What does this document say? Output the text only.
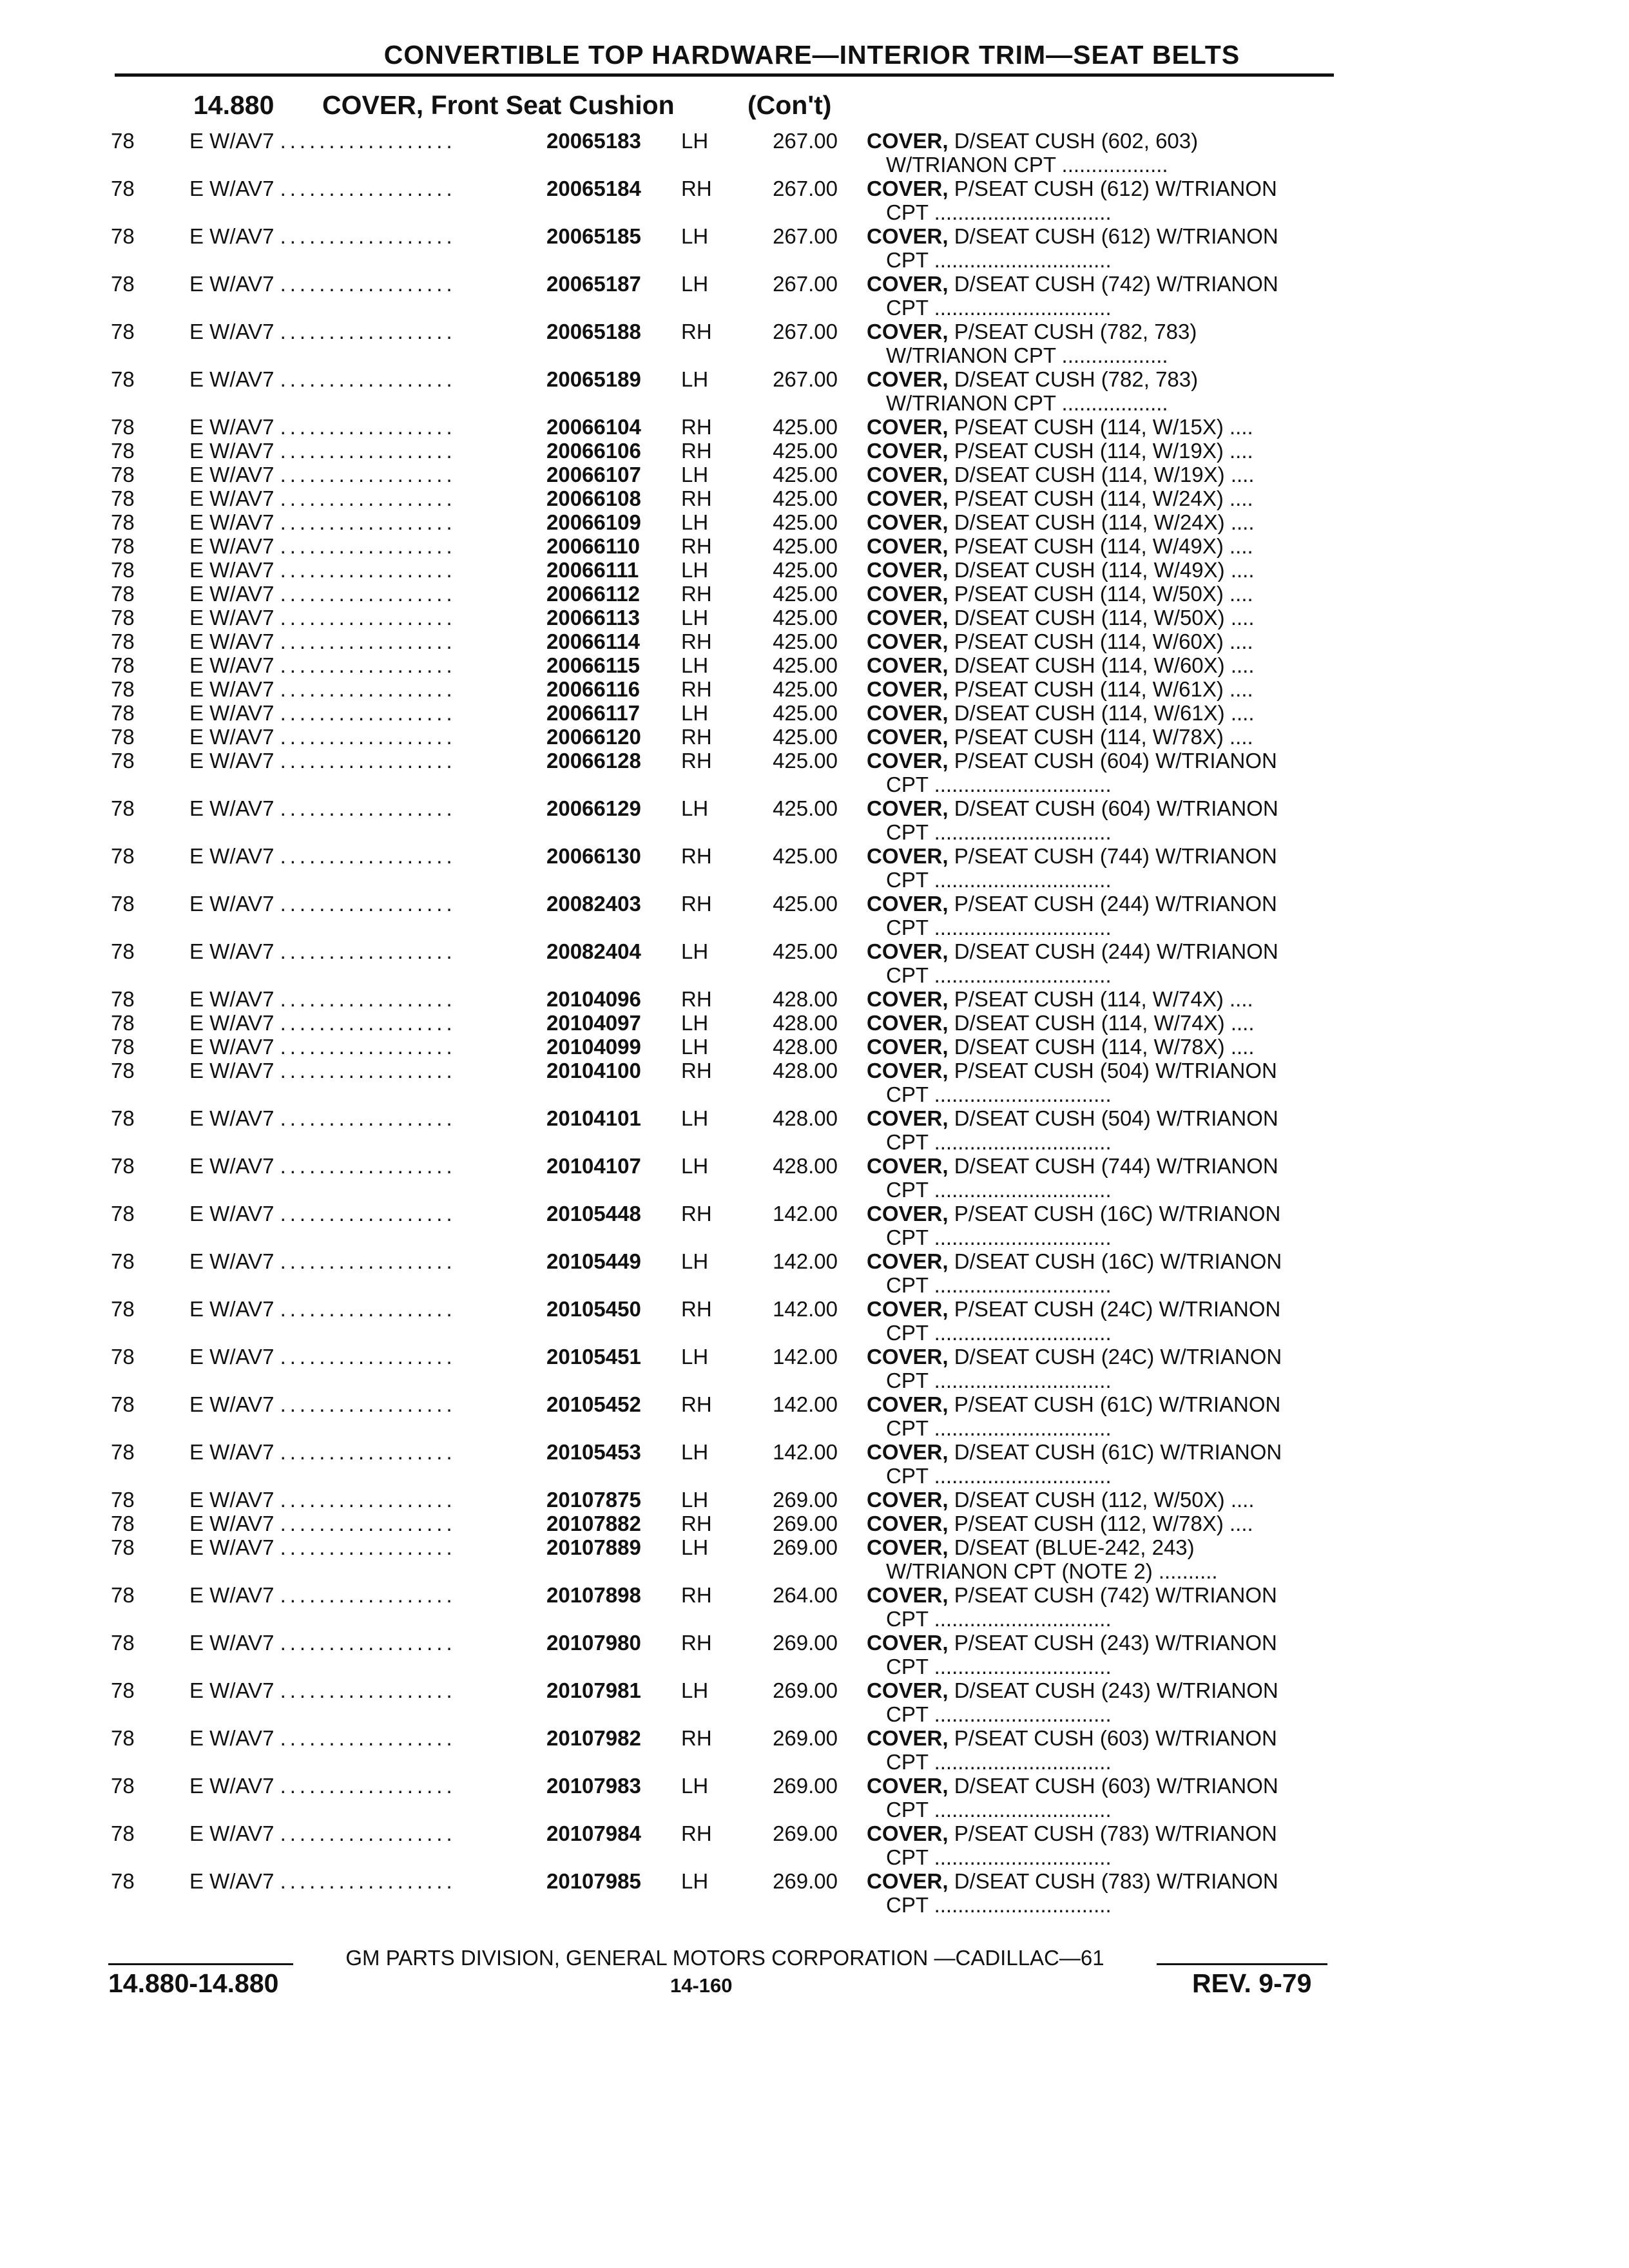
CONVERTIBLE TOP HARDWARE—INTERIOR TRIM—SEAT BELTS
14.880 COVER, Front Seat Cushion	(Con't)
78	E W/AV7 ..................	20065183 LH	267.00 COVER, D/SEAT CUSH (602, 603)
W/TRIANON CPT ..................
78	E W/AV7 ..................	20065184 RH	267.00 COVER, P/SEAT CUSH (612) W/TRIANON
CPT ..............................
78	E W/AV7 ..................	20065185 LH	267.00 COVER, D/SEAT CUSH (612) W/TRIANON
CPT ..............................
78	E W/AV7 ..................	20065187 LH	267.00 COVER, D/SEAT CUSH (742) W/TRIANON
CPT ..............................
78	E W/AV7 ..................	20065188 RH	267.00 COVER, P/SEAT CUSH (782, 783)
W/TRIANON CPT ..................
78	E W/AV7 ..................	20065189 LH	267.00 COVER, D/SEAT CUSH (782, 783)
W/TRIANON CPT ..................
78	E W/AV7 ..................	20066104 RH	425.00 COVER, P/SEAT CUSH (114, W/15X) ....
78	E W/AV7 ..................	20066106 RH	425.00 COVER, P/SEAT CUSH (114, W/19X) ....
78	E W/AV7 ..................	20066107 LH	425.00 COVER, D/SEAT CUSH (114, W/19X) ....
78	E W/AV7 ..................	20066108 RH	425.00 COVER, P/SEAT CUSH (114, W/24X) ....
78	E W/AV7 ..................	20066109 LH	425.00 COVER, D/SEAT CUSH (114, W/24X) ....
78	E W/AV7 ..................	20066110 RH	425.00 COVER, P/SEAT CUSH (114, W/49X) ....
78	E W/AV7 ..................	20066111 LH	425.00 COVER, D/SEAT CUSH (114, W/49X) ....
78	E W/AV7 ..................	20066112 RH	425.00 COVER, P/SEAT CUSH (114, W/50X) ....
78	E W/AV7 ..................	20066113 LH	425.00 COVER, D/SEAT CUSH (114, W/50X) ....
78	E W/AV7 ..................	20066114 RH	425.00 COVER, P/SEAT CUSH (114, W/60X) ....
78	E W/AV7 ..................	20066115 LH	425.00 COVER, D/SEAT CUSH (114, W/60X) ....
78	E W/AV7 ..................	20066116 RH	425.00 COVER, P/SEAT CUSH (114, W/61X) ....
78	E W/AV7 ..................	20066117 LH	425.00 COVER, D/SEAT CUSH (114, W/61X) ....
78	E W/AV7 ..................	20066120 RH	425.00 COVER, P/SEAT CUSH (114, W/78X) ....
78	E W/AV7 ..................	20066128 RH	425.00 COVER, P/SEAT CUSH (604) W/TRIANON
CPT ..............................
78	E W/AV7 ..................	20066129 LH	425.00 COVER, D/SEAT CUSH (604) W/TRIANON
CPT ..............................
78	E W/AV7 ..................	20066130 RH	425.00 COVER, P/SEAT CUSH (744) W/TRIANON
CPT ..............................
78	E W/AV7 ..................	20082403 RH	425.00 COVER, P/SEAT CUSH (244) W/TRIANON
CPT ..............................
78	E W/AV7 ..................	20082404 LH	425.00 COVER, D/SEAT CUSH (244) W/TRIANON
CPT ..............................
78	E W/AV7 ..................	20104096 RH	428.00 COVER, P/SEAT CUSH (114, W/74X) ....
78	E W/AV7 ..................	20104097 LH	428.00 COVER, D/SEAT CUSH (114, W/74X) ....
78	E W/AV7 ..................	20104099 LH	428.00 COVER, D/SEAT CUSH (114, W/78X) ....
78	E W/AV7 ..................	20104100 RH	428.00 COVER, P/SEAT CUSH (504) W/TRIANON
CPT ..............................
78	E W/AV7 ..................	20104101 LH	428.00 COVER, D/SEAT CUSH (504) W/TRIANON
CPT ..............................
78	E W/AV7 ..................	20104107 LH	428.00 COVER, D/SEAT CUSH (744) W/TRIANON
CPT ..............................
78	E W/AV7 ..................	20105448 RH	142.00 COVER, P/SEAT CUSH (16C) W/TRIANON
CPT ..............................
78	E W/AV7 ..................	20105449 LH	142.00 COVER, D/SEAT CUSH (16C) W/TRIANON
CPT ..............................
78	E W/AV7 ..................	20105450 RH	142.00 COVER, P/SEAT CUSH (24C) W/TRIANON
CPT ..............................
78	E W/AV7 ..................	20105451 LH	142.00 COVER, D/SEAT CUSH (24C) W/TRIANON
CPT ..............................
78	E W/AV7 ..................	20105452 RH	142.00 COVER, P/SEAT CUSH (61C) W/TRIANON
CPT ..............................
78	E W/AV7 ..................	20105453 LH	142.00 COVER, D/SEAT CUSH (61C) W/TRIANON
CPT ..............................
78	E W/AV7 ..................	20107875 LH	269.00 COVER, D/SEAT CUSH (112, W/50X) ....
78	E W/AV7 ..................	20107882 RH	269.00 COVER, P/SEAT CUSH (112, W/78X) ....
78	E W/AV7 ..................	20107889 LH	269.00 COVER, D/SEAT (BLUE-242, 243)
W/TRIANON CPT (NOTE 2) ..........
78	E W/AV7 ..................	20107898 RH	264.00 COVER, P/SEAT CUSH (742) W/TRIANON
CPT ..............................
78	E W/AV7 ..................	20107980 RH	269.00 COVER, P/SEAT CUSH (243) W/TRIANON
CPT ..............................
78	E W/AV7 ..................	20107981 LH	269.00 COVER, D/SEAT CUSH (243) W/TRIANON
CPT ..............................
78	E W/AV7 ..................	20107982 RH	269.00 COVER, P/SEAT CUSH (603) W/TRIANON
CPT ..............................
78	E W/AV7 ..................	20107983 LH	269.00 COVER, D/SEAT CUSH (603) W/TRIANON
CPT ..............................
78	E W/AV7 ..................	20107984 RH	269.00 COVER, P/SEAT CUSH (783) W/TRIANON
CPT ..............................
78	E W/AV7 ..................	20107985 LH	269.00 COVER, D/SEAT CUSH (783) W/TRIANON
CPT ..............................
GM PARTS DIVISION, GENERAL MOTORS CORPORATION —CADILLAC—61
14.880-14.880	14-160	REV. 9-79
